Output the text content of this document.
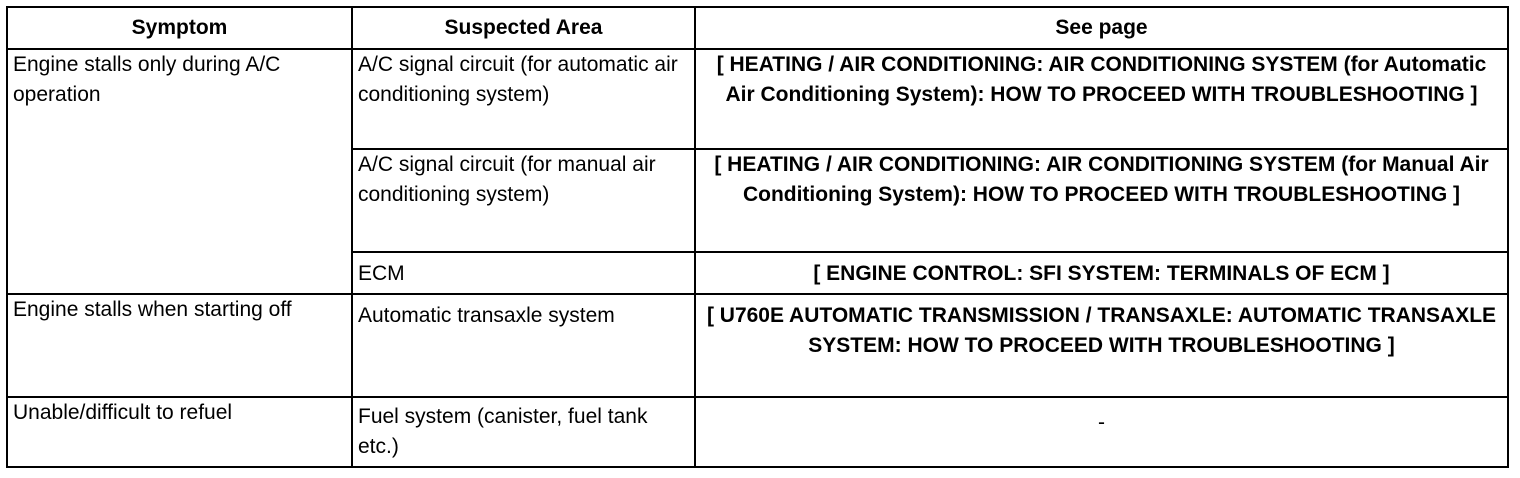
Symptom	Suspected Area	See page
Engine stalls only during A/C operation	A/C signal circuit (for automatic air conditioning system)	[ HEATING / AIR CONDITIONING: AIR CONDITIONING SYSTEM (for Automatic Air Conditioning System): HOW TO PROCEED WITH TROUBLESHOOTING ]
	A/C signal circuit (for manual air conditioning system)	[ HEATING / AIR CONDITIONING: AIR CONDITIONING SYSTEM (for Manual Air Conditioning System): HOW TO PROCEED WITH TROUBLESHOOTING ]
	ECM	[ ENGINE CONTROL: SFI SYSTEM: TERMINALS OF ECM ]
Engine stalls when starting off	Automatic transaxle system	[ U760E AUTOMATIC TRANSMISSION / TRANSAXLE: AUTOMATIC TRANSAXLE SYSTEM: HOW TO PROCEED WITH TROUBLESHOOTING ]
Unable/difficult to refuel	Fuel system (canister, fuel tank etc.)	-
